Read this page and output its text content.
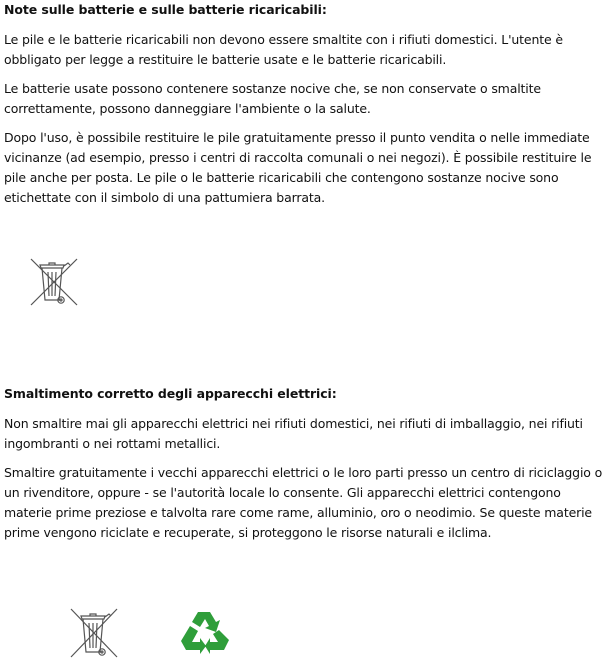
Note sulle batterie e sulle batterie ricaricabili:

Le pile e le batterie ricaricabili non devono essere smaltite con i rifiuti domestici. L'utente è obbligato per legge a restituire le batterie usate e le batterie ricaricabili.

Le batterie usate possono contenere sostanze nocive che, se non conservate o smaltite correttamente, possono danneggiare l'ambiente o la salute.

Dopo l'uso, è possibile restituire le pile gratuitamente presso il punto vendita o nelle immediate vicinanze (ad esempio, presso i centri di raccolta comunali o nei negozi). È possibile restituire le pile anche per posta. Le pile o le batterie ricaricabili che contengono sostanze nocive sono etichettate con il simbolo di una pattumiera barrata.

Smaltimento corretto degli apparecchi elettrici:

Non smaltire mai gli apparecchi elettrici nei rifiuti domestici, nei rifiuti di imballaggio, nei rifiuti ingombranti o nei rottami metallici.

Smaltire gratuitamente i vecchi apparecchi elettrici o le loro parti presso un centro di riciclaggio o un rivenditore, oppure - se l'autorità locale lo consente. Gli apparecchi elettrici contengono materie prime preziose e talvolta rare come rame, alluminio, oro o neodimio. Se queste materie prime vengono riciclate e recuperate, si proteggono le risorse naturali e ilclima.
